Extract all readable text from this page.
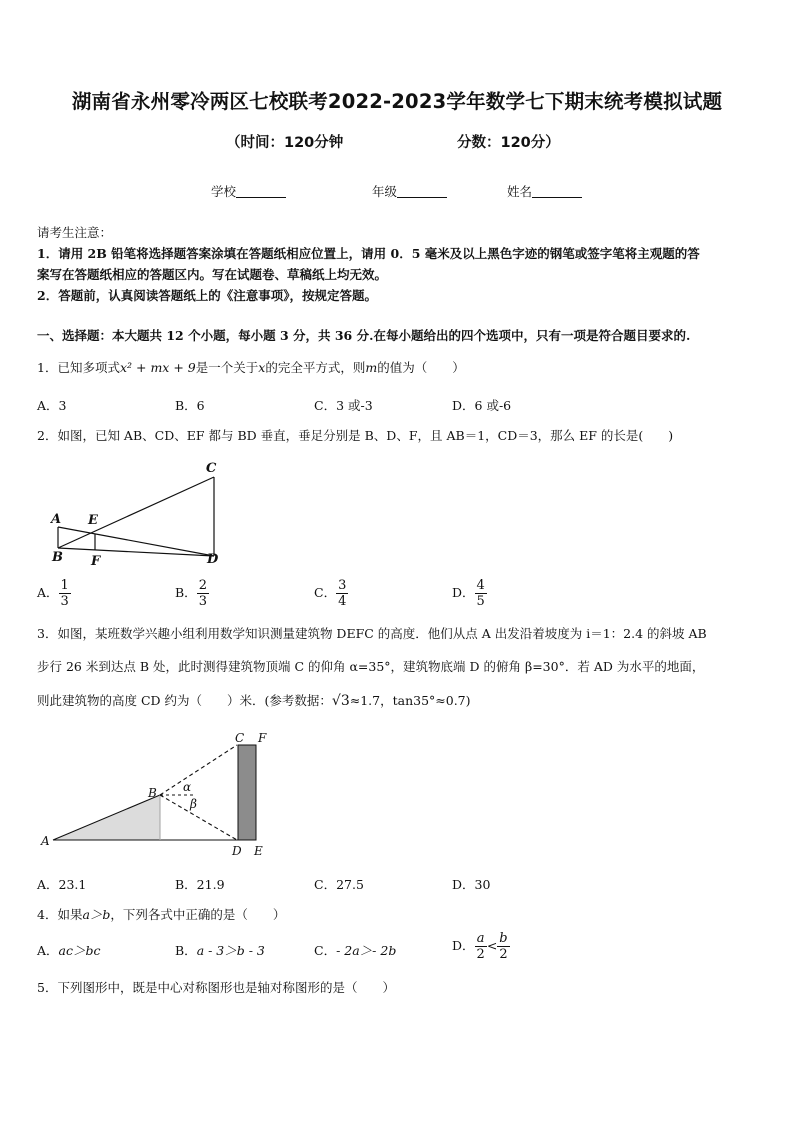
湖南省永州零冷两区七校联考2022-2023学年数学七下期末统考模拟试题
（时间：120分钟	分数：120分）
学校	年级	姓名
请考生注意：
1．请用 2B 铅笔将选择题答案涂填在答题纸相应位置上，请用 0．5 毫米及以上黑色字迹的钢笔或签字笔将主观题的答
案写在答题纸相应的答题区内。写在试题卷、草稿纸上均无效。
2．答题前，认真阅读答题纸上的《注意事项》，按规定答题。
一、选择题：本大题共 12 个小题，每小题 3 分，共 36 分.在每小题给出的四个选项中，只有一项是符合题目要求的.
1．已知多项式x² + mx + 9是一个关于x的完全平方式，则m的值为（　　）
A．3	B．6	C．3 或-3	D．6 或-6
2．如图，已知 AB、CD、EF 都与 BD 垂直，垂足分别是 B、D、F，且 AB＝1，CD＝3，那么 EF 的长是(　　)
C
A E
B F	D
A． $\frac{1}{3}$	B． $\frac{2}{3}$	C． $\frac{3}{4}$	D． $\frac{4}{5}$
3．如图，某班数学兴趣小组利用数学知识测量建筑物 DEFC 的高度．他们从点 A 出发沿着坡度为 i＝1：2.4 的斜坡 AB
步行 26 米到达点 B 处，此时测得建筑物顶端 C 的仰角 α=35°，建筑物底端 D 的俯角 β=30°．若 AD 为水平的地面，
则此建筑物的高度 CD 约为（　　）米．(参考数据：√3≈1.7，tan35°≈0.7)
C F
B α
β
A
D E
A．23.1	B．21.9	C．27.5	D．30
4．如果a＞b，下列各式中正确的是（　　）
A．ac＞bc	B．a - 3＞b - 3	C．- 2a＞- 2b	D． $\frac{a}{2} < \frac{b}{2}$
5．下列图形中，既是中心对称图形也是轴对称图形的是（　　）
